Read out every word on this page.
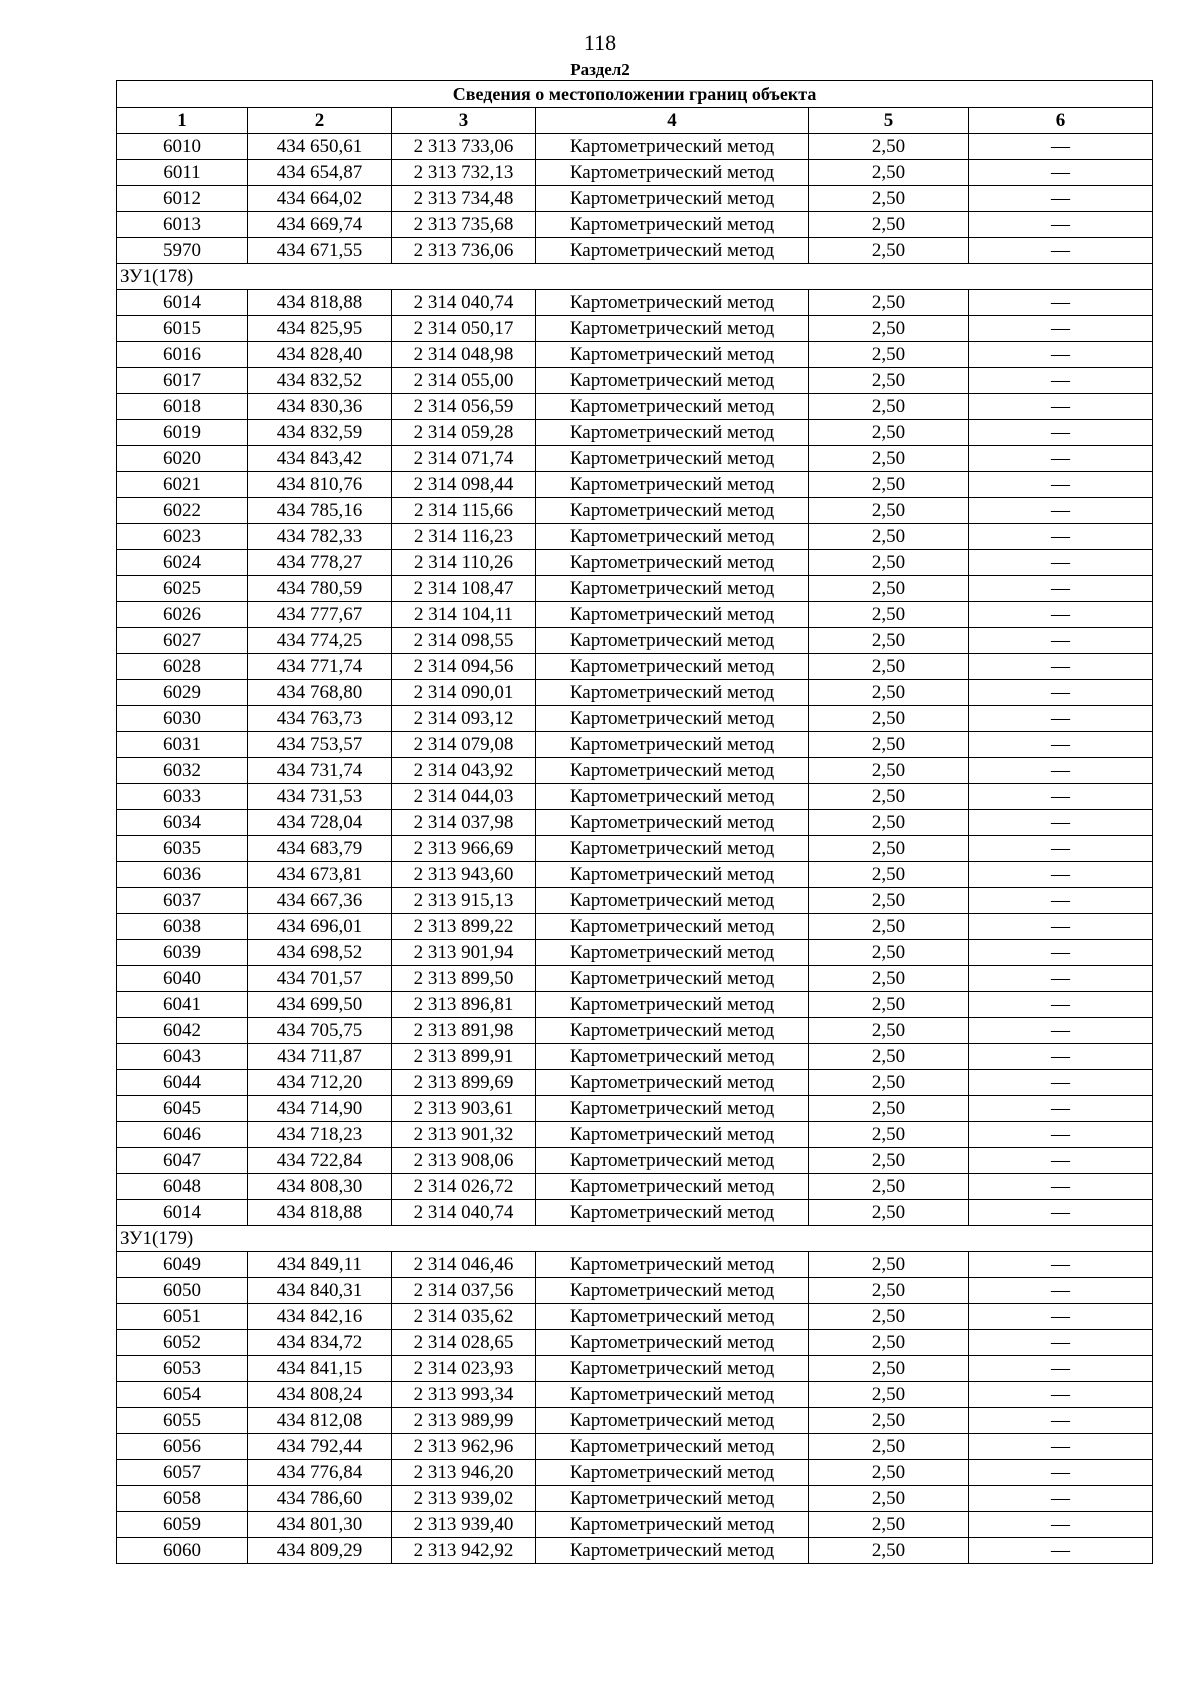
118
Раздел2
Сведения о местоположении границ объекта					
1	2	3	4	5	6
6010	434 650,61	2 313 733,06	Картометрический метод	2,50	—
6011	434 654,87	2 313 732,13	Картометрический метод	2,50	—
6012	434 664,02	2 313 734,48	Картометрический метод	2,50	—
6013	434 669,74	2 313 735,68	Картометрический метод	2,50	—
5970	434 671,55	2 313 736,06	Картометрический метод	2,50	—
ЗУ1(178)					
6014	434 818,88	2 314 040,74	Картометрический метод	2,50	—
6015	434 825,95	2 314 050,17	Картометрический метод	2,50	—
6016	434 828,40	2 314 048,98	Картометрический метод	2,50	—
6017	434 832,52	2 314 055,00	Картометрический метод	2,50	—
6018	434 830,36	2 314 056,59	Картометрический метод	2,50	—
6019	434 832,59	2 314 059,28	Картометрический метод	2,50	—
6020	434 843,42	2 314 071,74	Картометрический метод	2,50	—
6021	434 810,76	2 314 098,44	Картометрический метод	2,50	—
6022	434 785,16	2 314 115,66	Картометрический метод	2,50	—
6023	434 782,33	2 314 116,23	Картометрический метод	2,50	—
6024	434 778,27	2 314 110,26	Картометрический метод	2,50	—
6025	434 780,59	2 314 108,47	Картометрический метод	2,50	—
6026	434 777,67	2 314 104,11	Картометрический метод	2,50	—
6027	434 774,25	2 314 098,55	Картометрический метод	2,50	—
6028	434 771,74	2 314 094,56	Картометрический метод	2,50	—
6029	434 768,80	2 314 090,01	Картометрический метод	2,50	—
6030	434 763,73	2 314 093,12	Картометрический метод	2,50	—
6031	434 753,57	2 314 079,08	Картометрический метод	2,50	—
6032	434 731,74	2 314 043,92	Картометрический метод	2,50	—
6033	434 731,53	2 314 044,03	Картометрический метод	2,50	—
6034	434 728,04	2 314 037,98	Картометрический метод	2,50	—
6035	434 683,79	2 313 966,69	Картометрический метод	2,50	—
6036	434 673,81	2 313 943,60	Картометрический метод	2,50	—
6037	434 667,36	2 313 915,13	Картометрический метод	2,50	—
6038	434 696,01	2 313 899,22	Картометрический метод	2,50	—
6039	434 698,52	2 313 901,94	Картометрический метод	2,50	—
6040	434 701,57	2 313 899,50	Картометрический метод	2,50	—
6041	434 699,50	2 313 896,81	Картометрический метод	2,50	—
6042	434 705,75	2 313 891,98	Картометрический метод	2,50	—
6043	434 711,87	2 313 899,91	Картометрический метод	2,50	—
6044	434 712,20	2 313 899,69	Картометрический метод	2,50	—
6045	434 714,90	2 313 903,61	Картометрический метод	2,50	—
6046	434 718,23	2 313 901,32	Картометрический метод	2,50	—
6047	434 722,84	2 313 908,06	Картометрический метод	2,50	—
6048	434 808,30	2 314 026,72	Картометрический метод	2,50	—
6014	434 818,88	2 314 040,74	Картометрический метод	2,50	—
ЗУ1(179)					
6049	434 849,11	2 314 046,46	Картометрический метод	2,50	—
6050	434 840,31	2 314 037,56	Картометрический метод	2,50	—
6051	434 842,16	2 314 035,62	Картометрический метод	2,50	—
6052	434 834,72	2 314 028,65	Картометрический метод	2,50	—
6053	434 841,15	2 314 023,93	Картометрический метод	2,50	—
6054	434 808,24	2 313 993,34	Картометрический метод	2,50	—
6055	434 812,08	2 313 989,99	Картометрический метод	2,50	—
6056	434 792,44	2 313 962,96	Картометрический метод	2,50	—
6057	434 776,84	2 313 946,20	Картометрический метод	2,50	—
6058	434 786,60	2 313 939,02	Картометрический метод	2,50	—
6059	434 801,30	2 313 939,40	Картометрический метод	2,50	—
6060	434 809,29	2 313 942,92	Картометрический метод	2,50	—
